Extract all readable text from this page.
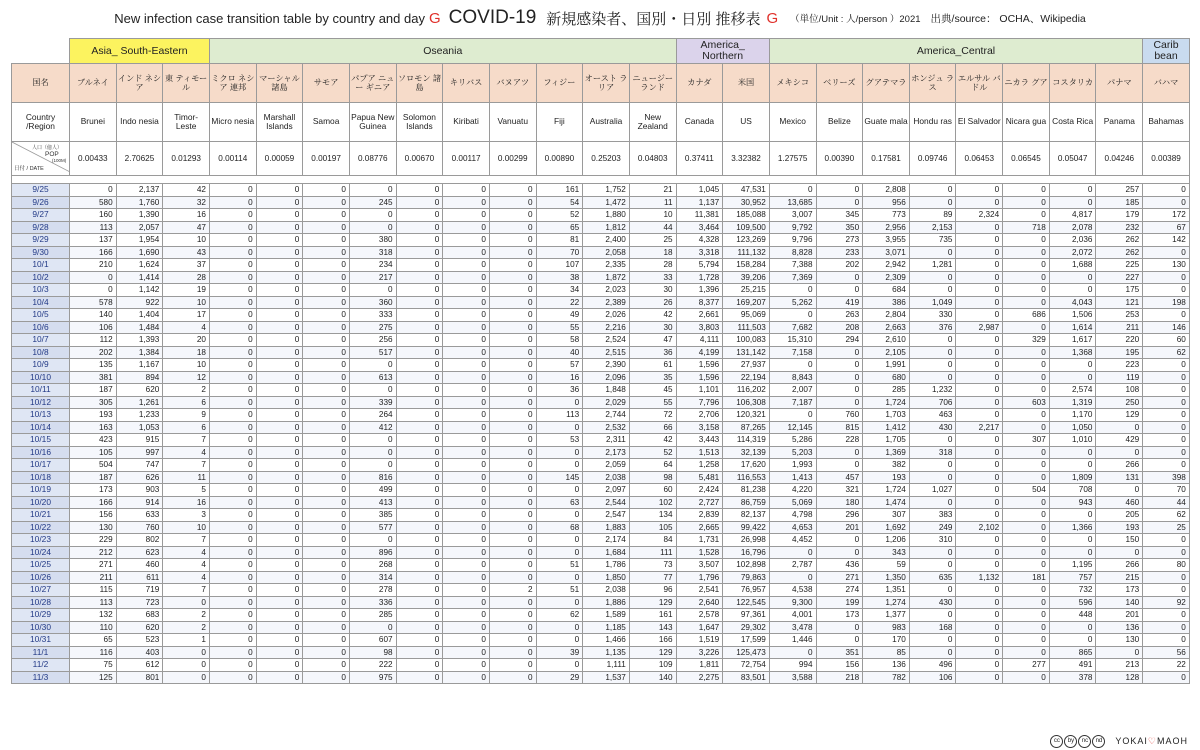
New infection case transition table by country and day G COVID-19 新規感染者、国別・日別 推移表 G （単位/Unit : 人/person ）2021 出典/source： OCHA、Wikipedia
	Asia_ South-Eastern			Oseania										America_ Northern		America_Central								Carib bean
国名	ブルネイ	インド ネシア	東 ティモール	ミクロ ネシア 連邦	マーシャル 諸島	サモア	パプア ニュー ギニア	ソロモン 諸島	キリバス	バヌアツ	フィジー	オースト ラリア	ニュージー ランド	カナダ	米国	メキシコ	ベリーズ	グアテマラ	ホンジュ ラス	エルサル バドル	ニカラ グア	コスタリカ	パナマ	バハマ
Country /Region	Brunei	Indo nesia	Timor- Leste	Micro nesia	Marshall Islands	Samoa	Papua New Guinea	Solomon Islands	Kiribati	Vanuatu	Fiji	Australia	New Zealand	Canada	US	Mexico	Belize	Guate mala	Hondu ras	El Salvador	Nicara gua	Costa Rica	Panama	Bahamas

人口（億人）
POP
(100M)
日付 / DATE	0.00433	2.70625	0.01293	0.00114	0.00059	0.00197	0.08776	0.00670	0.00117	0.00299	0.00890	0.25203	0.04803	0.37411	3.32382	1.27575	0.00390	0.17581	0.09746	0.06453	0.06545	0.05047	0.04246	0.00389

9/25	0	2,137	42	0	0	0	0	0	0	0	161	1,752	21	1,045	47,531	0	0	2,808	0	0	0	0	257	0
9/26	580	1,760	32	0	0	0	245	0	0	0	54	1,472	11	1,137	30,952	13,685	0	956	0	0	0	0	185	0
9/27	160	1,390	16	0	0	0	0	0	0	0	52	1,880	10	11,381	185,088	3,007	345	773	89	2,324	0	4,817	179	172
9/28	113	2,057	47	0	0	0	0	0	0	0	65	1,812	44	3,464	109,500	9,792	350	2,956	2,153	0	718	2,078	232	67
9/29	137	1,954	10	0	0	0	380	0	0	0	81	2,400	25	4,328	123,269	9,796	273	3,955	735	0	0	2,036	262	142
9/30	166	1,690	43	0	0	0	318	0	0	0	70	2,058	18	3,318	111,132	8,828	233	3,071	0	0	0	2,072	262	0
10/1	210	1,624	37	0	0	0	234	0	0	0	107	2,335	28	5,794	158,284	7,388	202	2,942	1,281	0	0	1,688	225	130
10/2	0	1,414	28	0	0	0	217	0	0	0	38	1,872	33	1,728	39,206	7,369	0	2,309	0	0	0	0	227	0
10/3	0	1,142	19	0	0	0	0	0	0	0	34	2,023	30	1,396	25,215	0	0	684	0	0	0	0	175	0
10/4	578	922	10	0	0	0	360	0	0	0	22	2,389	26	8,377	169,207	5,262	419	386	1,049	0	0	4,043	121	198
10/5	140	1,404	17	0	0	0	333	0	0	0	49	2,026	42	2,661	95,069	0	263	2,804	330	0	686	1,506	253	0
10/6	106	1,484	4	0	0	0	275	0	0	0	55	2,216	30	3,803	111,503	7,682	208	2,663	376	2,987	0	1,614	211	146
10/7	112	1,393	20	0	0	0	256	0	0	0	58	2,524	47	4,111	100,083	15,310	294	2,610	0	0	329	1,617	220	60
10/8	202	1,384	18	0	0	0	517	0	0	0	40	2,515	36	4,199	131,142	7,158	0	2,105	0	0	0	1,368	195	62
10/9	135	1,167	10	0	0	0	0	0	0	0	57	2,390	61	1,596	27,937	0	0	1,991	0	0	0	0	223	0
10/10	381	894	12	0	0	0	613	0	0	0	16	2,096	35	1,596	22,194	8,843	0	680	0	0	0	0	119	0
10/11	187	620	2	0	0	0	0	0	0	0	36	1,848	45	1,101	116,202	2,007	0	285	1,232	0	0	2,574	108	0
10/12	305	1,261	6	0	0	0	339	0	0	0	0	2,029	55	7,796	106,308	7,187	0	1,724	706	0	603	1,319	250	0
10/13	193	1,233	9	0	0	0	264	0	0	0	113	2,744	72	2,706	120,321	0	760	1,703	463	0	0	1,170	129	0
10/14	163	1,053	6	0	0	0	412	0	0	0	0	2,532	66	3,158	87,265	12,145	815	1,412	430	2,217	0	1,050	0	0
10/15	423	915	7	0	0	0	0	0	0	0	53	2,311	42	3,443	114,319	5,286	228	1,705	0	0	307	1,010	429	0
10/16	105	997	4	0	0	0	0	0	0	0	0	2,173	52	1,513	32,139	5,203	0	1,369	318	0	0	0	0	0
10/17	504	747	7	0	0	0	0	0	0	0	0	2,059	64	1,258	17,620	1,993	0	382	0	0	0	0	266	0
10/18	187	626	11	0	0	0	816	0	0	0	145	2,038	98	5,481	116,553	1,413	457	193	0	0	0	1,809	131	398
10/19	173	903	5	0	0	0	499	0	0	0	0	2,097	60	2,424	81,238	4,220	321	1,724	1,027	0	504	708	0	70
10/20	166	914	16	0	0	0	413	0	0	0	63	2,544	102	2,727	86,759	5,069	180	1,474	0	0	0	943	460	44
10/21	156	633	3	0	0	0	385	0	0	0	0	2,547	134	2,839	82,137	4,798	296	307	383	0	0	0	205	62
10/22	130	760	10	0	0	0	577	0	0	0	68	1,883	105	2,665	99,422	4,653	201	1,692	249	2,102	0	1,366	193	25
10/23	229	802	7	0	0	0	0	0	0	0	0	2,174	84	1,731	26,998	4,452	0	1,206	310	0	0	0	150	0
10/24	212	623	4	0	0	0	896	0	0	0	0	1,684	111	1,528	16,796	0	0	343	0	0	0	0	0	0
10/25	271	460	4	0	0	0	268	0	0	0	51	1,786	73	3,507	102,898	2,787	436	59	0	0	0	1,195	266	80
10/26	211	611	4	0	0	0	314	0	0	0	0	1,850	77	1,796	79,863	0	271	1,350	635	1,132	181	757	215	0
10/27	115	719	7	0	0	0	278	0	0	2	51	2,038	96	2,541	76,957	4,538	274	1,351	0	0	0	732	173	0
10/28	113	723	0	0	0	0	336	0	0	0	0	1,886	129	2,640	122,545	9,300	199	1,274	430	0	0	596	140	92
10/29	132	683	2	0	0	0	285	0	0	0	62	1,589	161	2,578	97,361	4,001	173	1,377	0	0	0	448	201	0
10/30	110	620	2	0	0	0	0	0	0	0	0	1,185	143	1,647	29,302	3,478	0	983	168	0	0	0	136	0
10/31	65	523	1	0	0	0	607	0	0	0	0	1,466	166	1,519	17,599	1,446	0	170	0	0	0	0	130	0
11/1	116	403	0	0	0	0	98	0	0	0	39	1,135	129	3,226	125,473	0	351	85	0	0	0	865	0	56
11/2	75	612	0	0	0	0	222	0	0	0	0	1,111	109	1,811	72,754	994	156	136	496	0	277	491	213	22
11/3	125	801	0	0	0	0	975	0	0	0	29	1,537	140	2,275	83,501	3,588	218	782	106	0	0	378	128	0
cc	by	nc	nd	YOKAI♡MAOH
